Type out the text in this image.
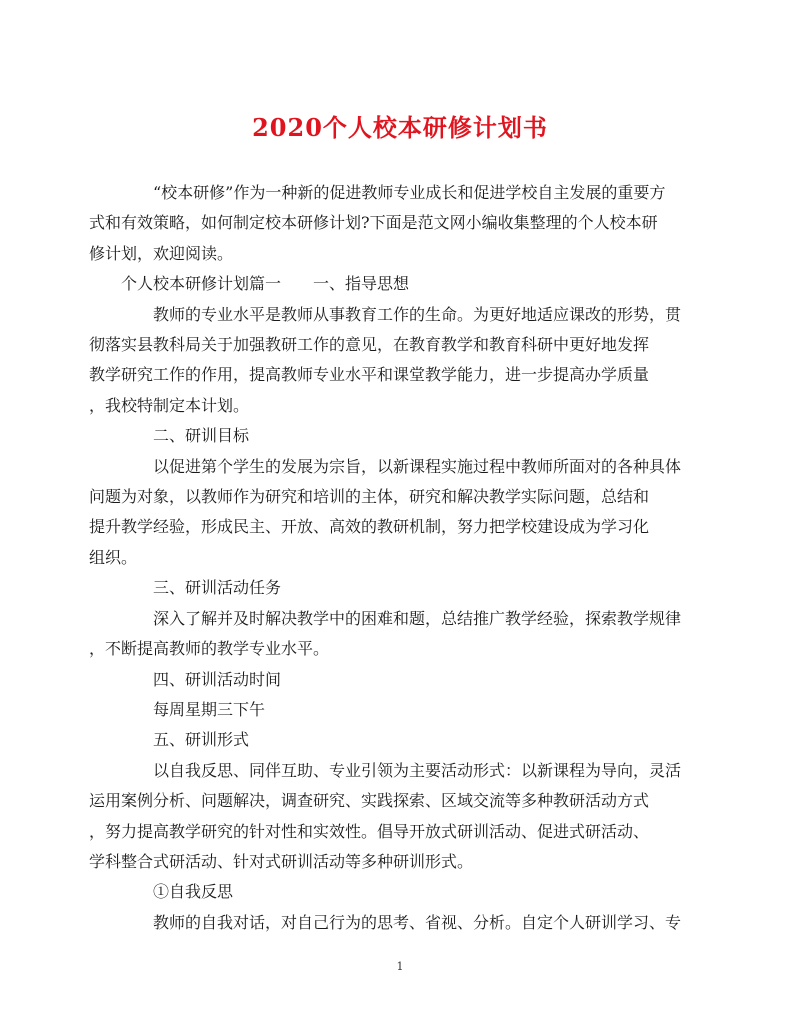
2020个人校本研修计划书

“校本研修”作为一种新的促进教师专业成长和促进学校自主发展的重要方
式和有效策略，如何制定校本研修计划?下面是范文网小编收集整理的个人校本研
修计划，欢迎阅读。

个人校本研修计划篇一　　一、指导思想

教师的专业水平是教师从事教育工作的生命。为更好地适应课改的形势，贯
彻落实县教科局关于加强教研工作的意见，在教育教学和教育科研中更好地发挥
教学研究工作的作用，提高教师专业水平和课堂教学能力，进一步提高办学质量
，我校特制定本计划。

二、研训目标

以促进第个学生的发展为宗旨，以新课程实施过程中教师所面对的各种具体
问题为对象，以教师作为研究和培训的主体，研究和解决教学实际问题，总结和
提升教学经验，形成民主、开放、高效的教研机制，努力把学校建设成为学习化
组织。

三、研训活动任务

深入了解并及时解决教学中的困难和题，总结推广教学经验，探索教学规律
，不断提高教师的教学专业水平。

四、研训活动时间

每周星期三下午

五、研训形式

以自我反思、同伴互助、专业引领为主要活动形式：以新课程为导向，灵活
运用案例分析、问题解决，调查研究、实践探索、区域交流等多种教研活动方式
，努力提高教学研究的针对性和实效性。倡导开放式研训活动、促进式研活动、
学科整合式研活动、针对式研训活动等多种研训形式。

①自我反思

教师的自我对话，对自己行为的思考、省视、分析。自定个人研训学习、专

1
